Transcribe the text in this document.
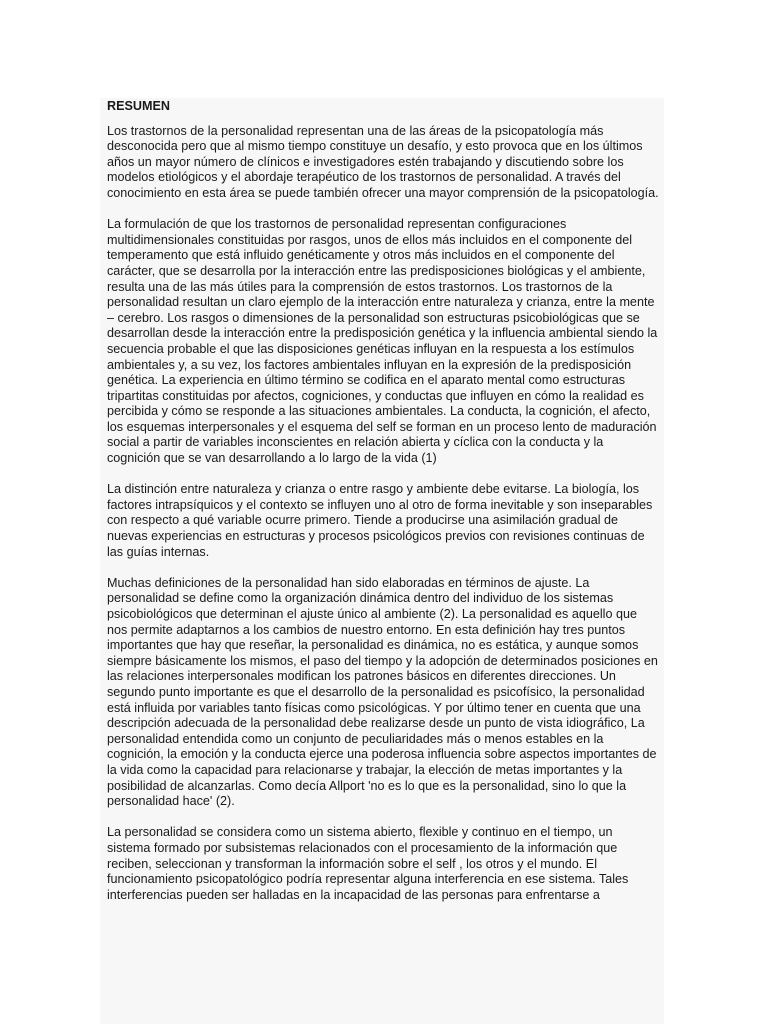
RESUMEN
Los trastornos de la personalidad representan una de las áreas de la psicopatología más desconocida pero que al mismo tiempo constituye un desafío, y esto provoca que en los últimos años un mayor número de clínicos e investigadores estén trabajando y discutiendo sobre los modelos etiológicos y el abordaje terapéutico de los trastornos de personalidad. A través del conocimiento en esta área se puede también ofrecer una mayor comprensión de la psicopatología.
La formulación de que los trastornos de personalidad representan configuraciones multidimensionales constituidas por rasgos, unos de ellos más incluidos en el componente del temperamento que está influido genéticamente y otros más incluidos en el componente del carácter, que se desarrolla por la interacción entre las predisposiciones biológicas y el ambiente, resulta una de las más útiles para la comprensión de estos trastornos. Los trastornos de la personalidad resultan un claro ejemplo de la interacción entre naturaleza y crianza, entre la mente – cerebro. Los rasgos o dimensiones de la personalidad son estructuras psicobiológicas que se desarrollan desde la interacción entre la predisposición genética y la influencia ambiental siendo la secuencia probable el que las disposiciones genéticas influyan en la respuesta a los estímulos ambientales y, a su vez, los factores ambientales influyan en la expresión de la predisposición genética. La experiencia en último término se codifica en el aparato mental como estructuras tripartitas constituidas por afectos, cogniciones, y conductas que influyen en cómo la realidad es percibida y cómo se responde a las situaciones ambientales. La conducta, la cognición, el afecto, los esquemas interpersonales y el esquema del self se forman en un proceso lento de maduración social a partir de variables inconscientes en relación abierta y cíclica con la conducta y la cognición que se van desarrollando a lo largo de la vida (1)
La distinción entre naturaleza y crianza o entre rasgo y ambiente debe evitarse. La biología, los factores intrapsíquicos y el contexto se influyen uno al otro de forma inevitable y son inseparables con respecto a qué variable ocurre primero. Tiende a producirse una asimilación gradual de nuevas experiencias en estructuras y procesos psicológicos previos con revisiones continuas de las guías internas.
Muchas definiciones de la personalidad han sido elaboradas en términos de ajuste. La personalidad se define como la organización dinámica dentro del individuo de los sistemas psicobiológicos que determinan el ajuste único al ambiente (2). La personalidad es aquello que nos permite adaptarnos a los cambios de nuestro entorno. En esta definición hay tres puntos importantes que hay que reseñar, la personalidad es dinámica, no es estática, y aunque somos siempre básicamente los mismos, el paso del tiempo y la adopción de determinados posiciones en las relaciones interpersonales modifican los patrones básicos en diferentes direcciones. Un segundo punto importante es que el desarrollo de la personalidad es psicofísico, la personalidad está influida por variables tanto físicas como psicológicas. Y por último tener en cuenta que una descripción adecuada de la personalidad debe realizarse desde un punto de vista idiográfico, La personalidad entendida como un conjunto de peculiaridades más o menos estables en la cognición, la emoción y la conducta ejerce una poderosa influencia sobre aspectos importantes de la vida como la capacidad para relacionarse y trabajar, la elección de metas importantes y la posibilidad de alcanzarlas. Como decía Allport 'no es lo que es la personalidad, sino lo que la personalidad hace' (2).
La personalidad se considera como un sistema abierto, flexible y continuo en el tiempo, un sistema formado por subsistemas relacionados con el procesamiento de la información que reciben, seleccionan y transforman la información sobre el self , los otros y el mundo. El funcionamiento psicopatológico podría representar alguna interferencia en ese sistema. Tales interferencias pueden ser halladas en la incapacidad de las personas para enfrentarse a
